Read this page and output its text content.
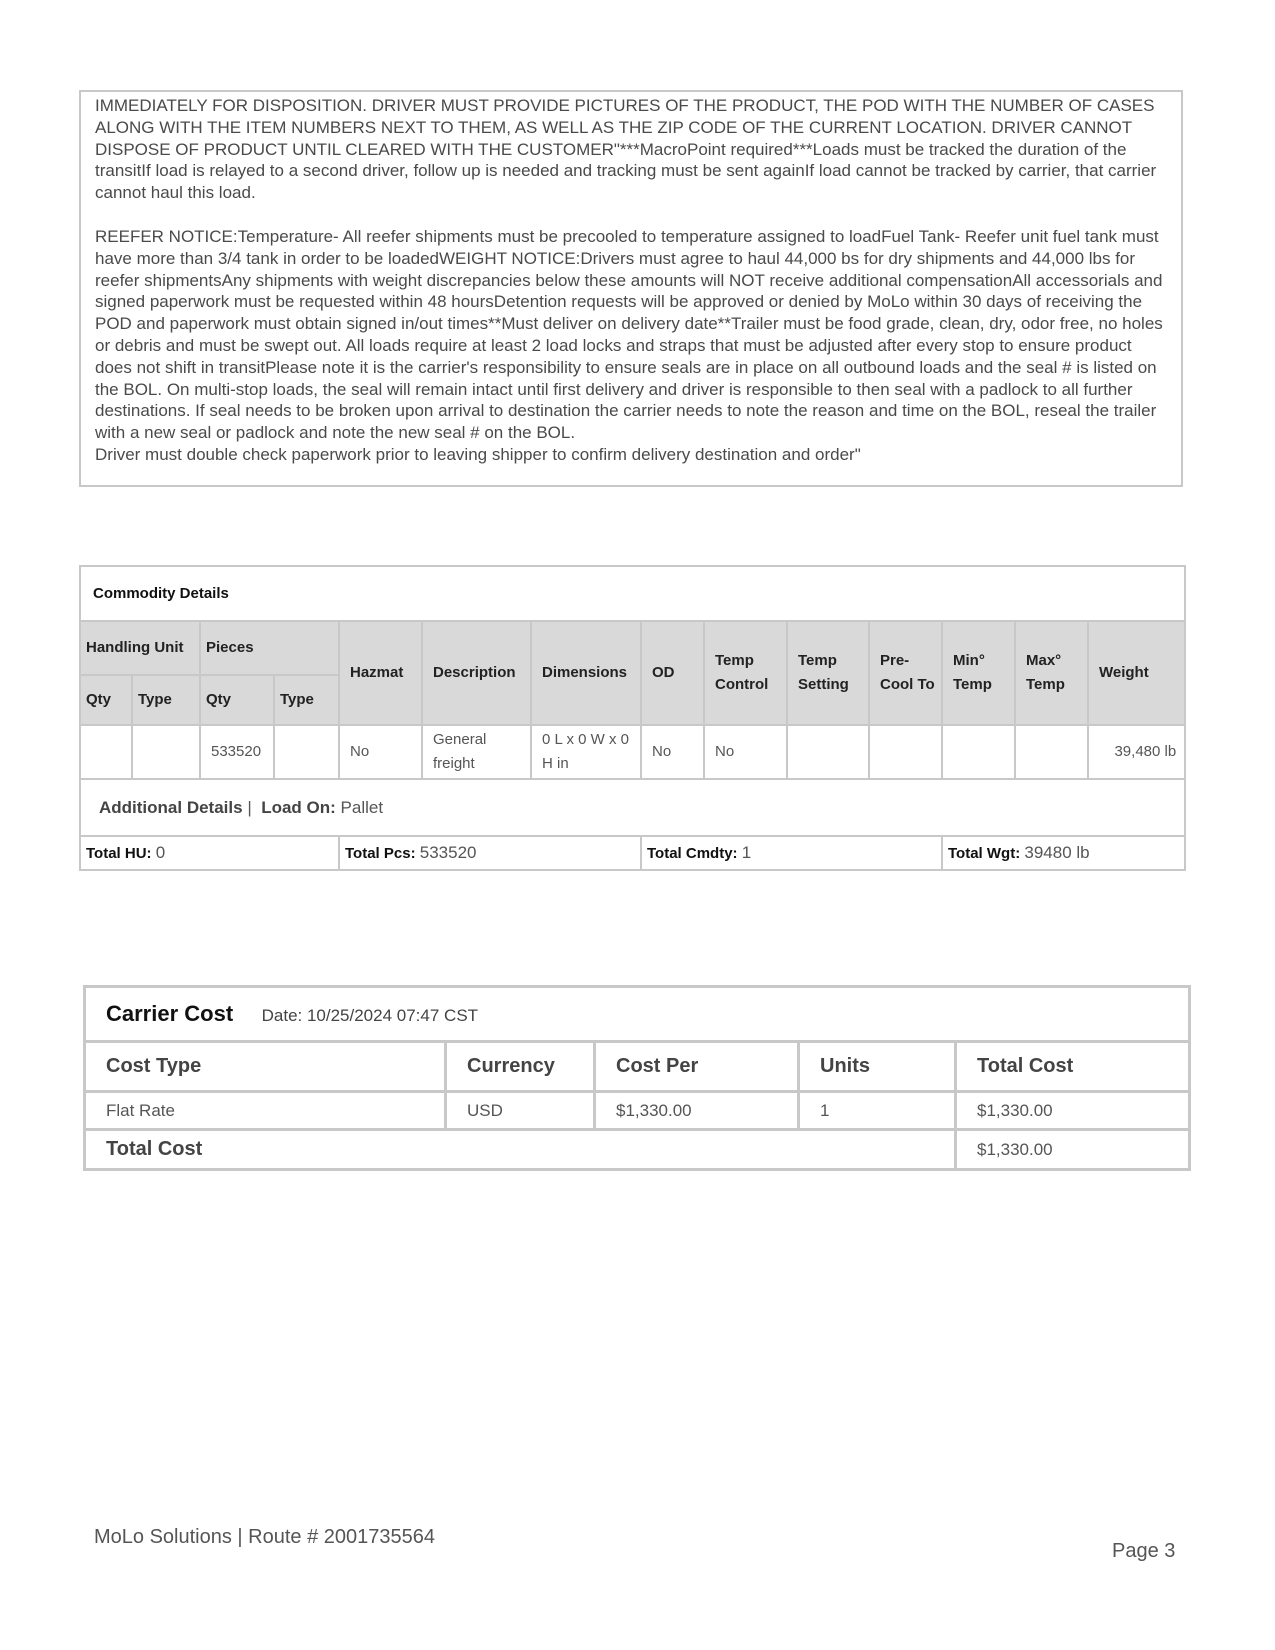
IMMEDIATELY FOR DISPOSITION. DRIVER MUST PROVIDE PICTURES OF THE PRODUCT, THE POD WITH THE NUMBER OF CASES ALONG WITH THE ITEM NUMBERS NEXT TO THEM, AS WELL AS THE ZIP CODE OF THE CURRENT LOCATION. DRIVER CANNOT DISPOSE OF PRODUCT UNTIL CLEARED WITH THE CUSTOMER"***MacroPoint required***Loads must be tracked the duration of the transitIf load is relayed to a second driver, follow up is needed and tracking must be sent againIf load cannot be tracked by carrier, that carrier cannot haul this load.

REEFER NOTICE:Temperature- All reefer shipments must be precooled to temperature assigned to loadFuel Tank- Reefer unit fuel tank must have more than 3/4 tank in order to be loadedWEIGHT NOTICE:Drivers must agree to haul 44,000 bs for dry shipments and 44,000 lbs for reefer shipmentsAny shipments with weight discrepancies below these amounts will NOT receive additional compensationAll accessorials and signed paperwork must be requested within 48 hoursDetention requests will be approved or denied by MoLo within 30 days of receiving the POD and paperwork must obtain signed in/out times**Must deliver on delivery date**Trailer must be food grade, clean, dry, odor free, no holes or debris and must be swept out. All loads require at least 2 load locks and straps that must be adjusted after every stop to ensure product does not shift in transitPlease note it is the carrier's responsibility to ensure seals are in place on all outbound loads and the seal # is listed on the BOL. On multi-stop loads, the seal will remain intact until first delivery and driver is responsible to then seal with a padlock to all further destinations. If seal needs to be broken upon arrival to destination the carrier needs to note the reason and time on the BOL, reseal the trailer with a new seal or padlock and note the new seal # on the BOL.

Driver must double check paperwork prior to leaving shipper to confirm delivery destination and order"

Commodity Details													
Handling Unit		Pieces		Hazmat	Description	Dimensions	OD	Temp Control	Temp Setting	Pre-Cool To	Min° Temp	Max° Temp	Weight
Qty	Type	Qty	Type										
		533520		No	General freight	0 L x 0 W x 0 H in	No	No					39,480 lb
Additional Details | Load On: Pallet													
Total HU: 0				Total Pcs: 533520			Total Cmdty: 1				Total Wgt: 39480 lb		
Carrier Cost Date: 10/25/2024 07:47 CST				
Cost Type	Currency	Cost Per	Units	Total Cost
Flat Rate	USD	$1,330.00	1	$1,330.00
Total Cost				$1,330.00
MoLo Solutions | Route # 2001735564
Page 3
